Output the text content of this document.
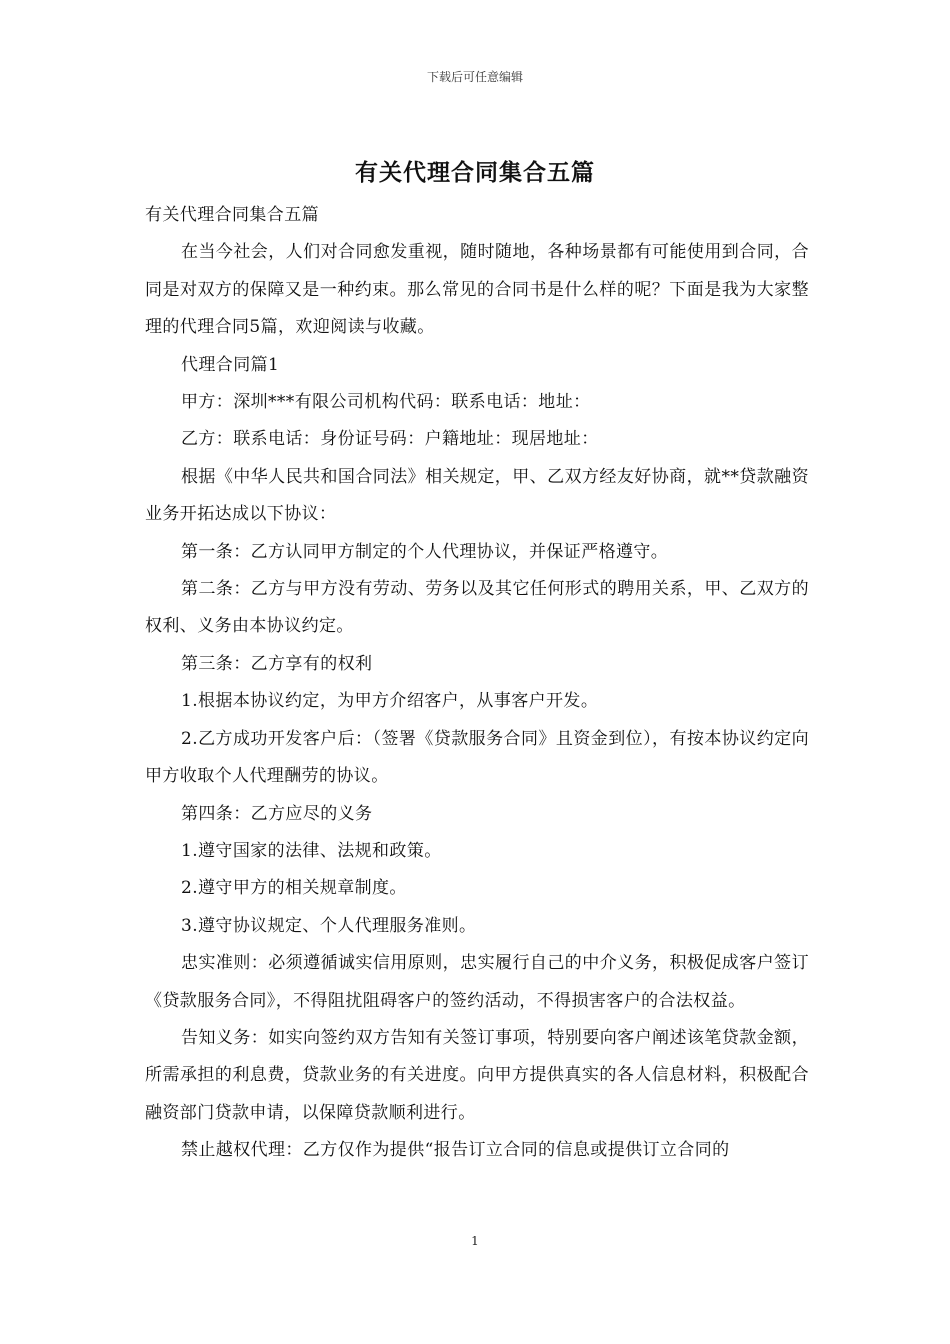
下载后可任意编辑
有关代理合同集合五篇

有关代理合同集合五篇

在当今社会，人们对合同愈发重视，随时随地，各种场景都有可能使用到合同，合同是对双方的保障又是一种约束。那么常见的合同书是什么样的呢？下面是我为大家整理的代理合同5篇，欢迎阅读与收藏。

代理合同篇1

甲方：深圳***有限公司机构代码：联系电话：地址：

乙方：联系电话：身份证号码：户籍地址：现居地址：

根据《中华人民共和国合同法》相关规定，甲、乙双方经友好协商，就**贷款融资业务开拓达成以下协议：

第一条：乙方认同甲方制定的个人代理协议，并保证严格遵守。

第二条：乙方与甲方没有劳动、劳务以及其它任何形式的聘用关系，甲、乙双方的权利、义务由本协议约定。

第三条：乙方享有的权利

1.根据本协议约定，为甲方介绍客户，从事客户开发。

2.乙方成功开发客户后：（签署《贷款服务合同》且资金到位），有按本协议约定向甲方收取个人代理酬劳的协议。

第四条：乙方应尽的义务

1.遵守国家的法律、法规和政策。

2.遵守甲方的相关规章制度。

3.遵守协议规定、个人代理服务准则。

忠实准则：必须遵循诚实信用原则，忠实履行自己的中介义务，积极促成客户签订《贷款服务合同》，不得阻扰阻碍客户的签约活动，不得损害客户的合法权益。

告知义务：如实向签约双方告知有关签订事项，特别要向客户阐述该笔贷款金额，所需承担的利息费，贷款业务的有关进度。向甲方提供真实的各人信息材料，积极配合融资部门贷款申请，以保障贷款顺利进行。

禁止越权代理：乙方仅作为提供“报告订立合同的信息或提供订立合同的

1
